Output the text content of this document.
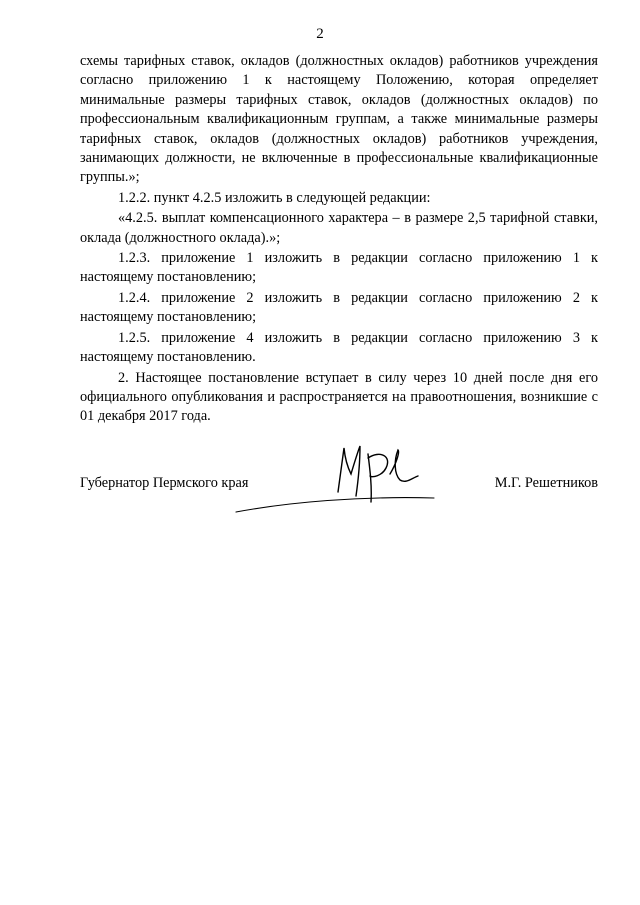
2

схемы тарифных ставок, окладов (должностных окладов) работников учреждения согласно приложению 1 к настоящему Положению, которая определяет минимальные размеры тарифных ставок, окладов (должностных окладов) по профессиональным квалификационным группам, а также минимальные размеры тарифных ставок, окладов (должностных окладов) работников учреждения, занимающих должности, не включенные в профессиональные квалификационные группы.»;

1.2.2. пункт 4.2.5 изложить в следующей редакции:

«4.2.5. выплат компенсационного характера – в размере 2,5 тарифной ставки, оклада (должностного оклада).»;

1.2.3. приложение 1 изложить в редакции согласно приложению 1 к настоящему постановлению;

1.2.4. приложение 2 изложить в редакции согласно приложению 2 к настоящему постановлению;

1.2.5. приложение 4 изложить в редакции согласно приложению 3 к настоящему постановлению.

2. Настоящее постановление вступает в силу через 10 дней после дня его официального опубликования и распространяется на правоотношения, возникшие с 01 декабря 2017 года.

Губернатор Пермского края	М.Г. Решетников
